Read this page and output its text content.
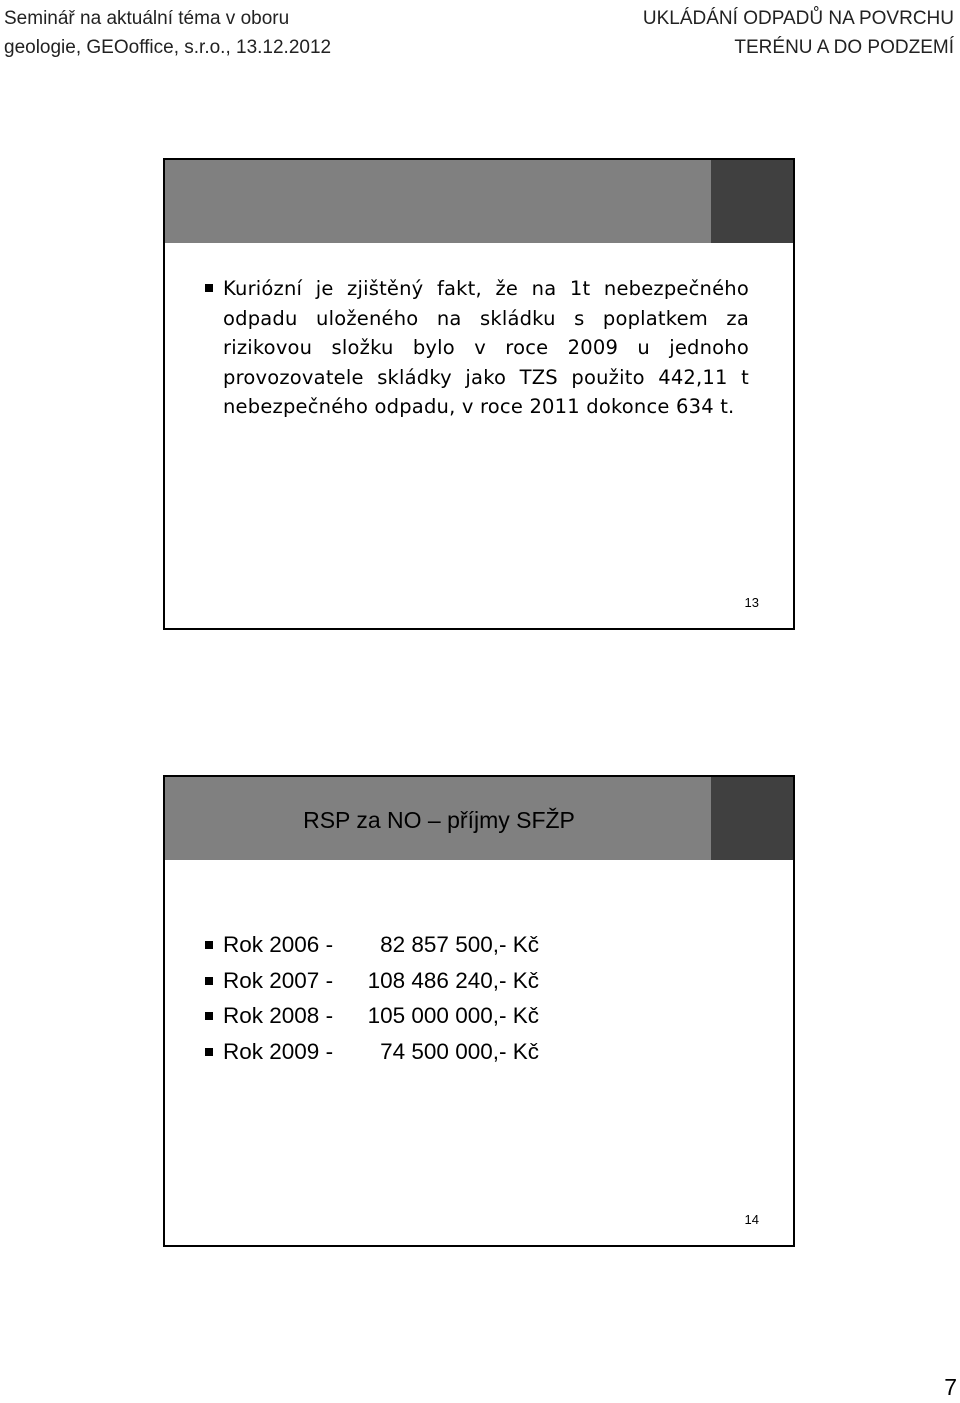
Seminář na aktuální téma v oboru
geologie, GEOoffice, s.r.o., 13.12.2012
UKLÁDÁNÍ ODPADŮ NA POVRCHU
TERÉNU A DO PODZEMÍ
Kuriózní je zjištěný fakt, že na 1t nebezpečného odpadu uloženého na skládku s poplatkem za rizikovou složku bylo v roce 2009 u jednoho provozovatele skládky jako TZS použito 442,11 t nebezpečného odpadu, v roce 2011 dokonce 634 t.
13
RSP za NO – příjmy SFŽP
Rok 2006 - 82 857 500,- Kč
Rok 2007 - 108 486 240,- Kč
Rok 2008 - 105 000 000,- Kč
Rok 2009 - 74 500 000,- Kč
14
7
